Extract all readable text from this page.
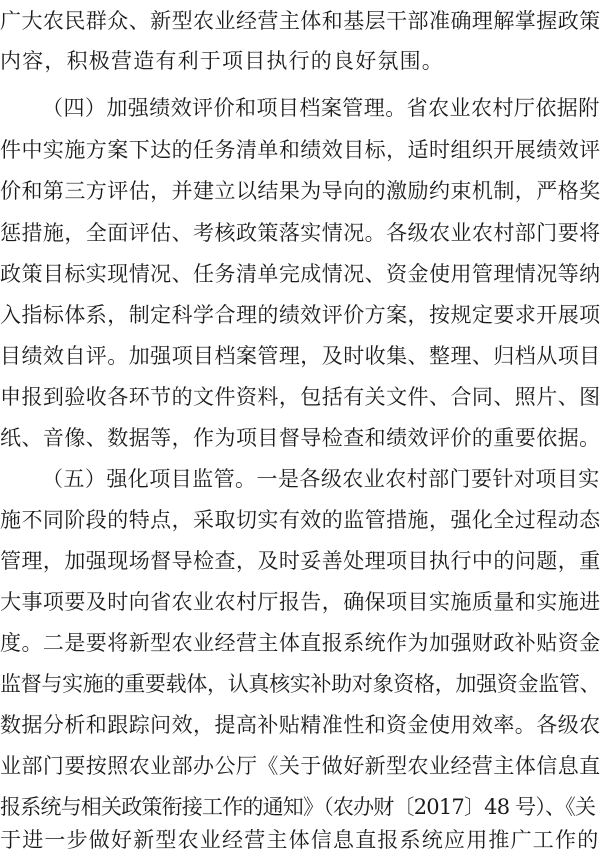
广大农民群众、新型农业经营主体和基层干部准确理解掌握政策
内容，积极营造有利于项目执行的良好氛围。
（四）加强绩效评价和项目档案管理。省农业农村厅依据附
件中实施方案下达的任务清单和绩效目标，适时组织开展绩效评
价和第三方评估，并建立以结果为导向的激励约束机制，严格奖
惩措施，全面评估、考核政策落实情况。各级农业农村部门要将
政策目标实现情况、任务清单完成情况、资金使用管理情况等纳
入指标体系，制定科学合理的绩效评价方案，按规定要求开展项
目绩效自评。加强项目档案管理，及时收集、整理、归档从项目
申报到验收各环节的文件资料，包括有关文件、合同、照片、图
纸、音像、数据等，作为项目督导检查和绩效评价的重要依据。
（五）强化项目监管。一是各级农业农村部门要针对项目实
施不同阶段的特点，采取切实有效的监管措施，强化全过程动态
管理，加强现场督导检查，及时妥善处理项目执行中的问题，重
大事项要及时向省农业农村厅报告，确保项目实施质量和实施进
度。二是要将新型农业经营主体直报系统作为加强财政补贴资金
监督与实施的重要载体，认真核实补助对象资格，加强资金监管、
数据分析和跟踪问效，提高补贴精准性和资金使用效率。各级农
业部门要按照农业部办公厅《关于做好新型农业经营主体信息直
报系统与相关政策衔接工作的通知》（农办财〔2017〕48 号）、《关
于进一步做好新型农业经营主体信息直报系统应用推广工作的
